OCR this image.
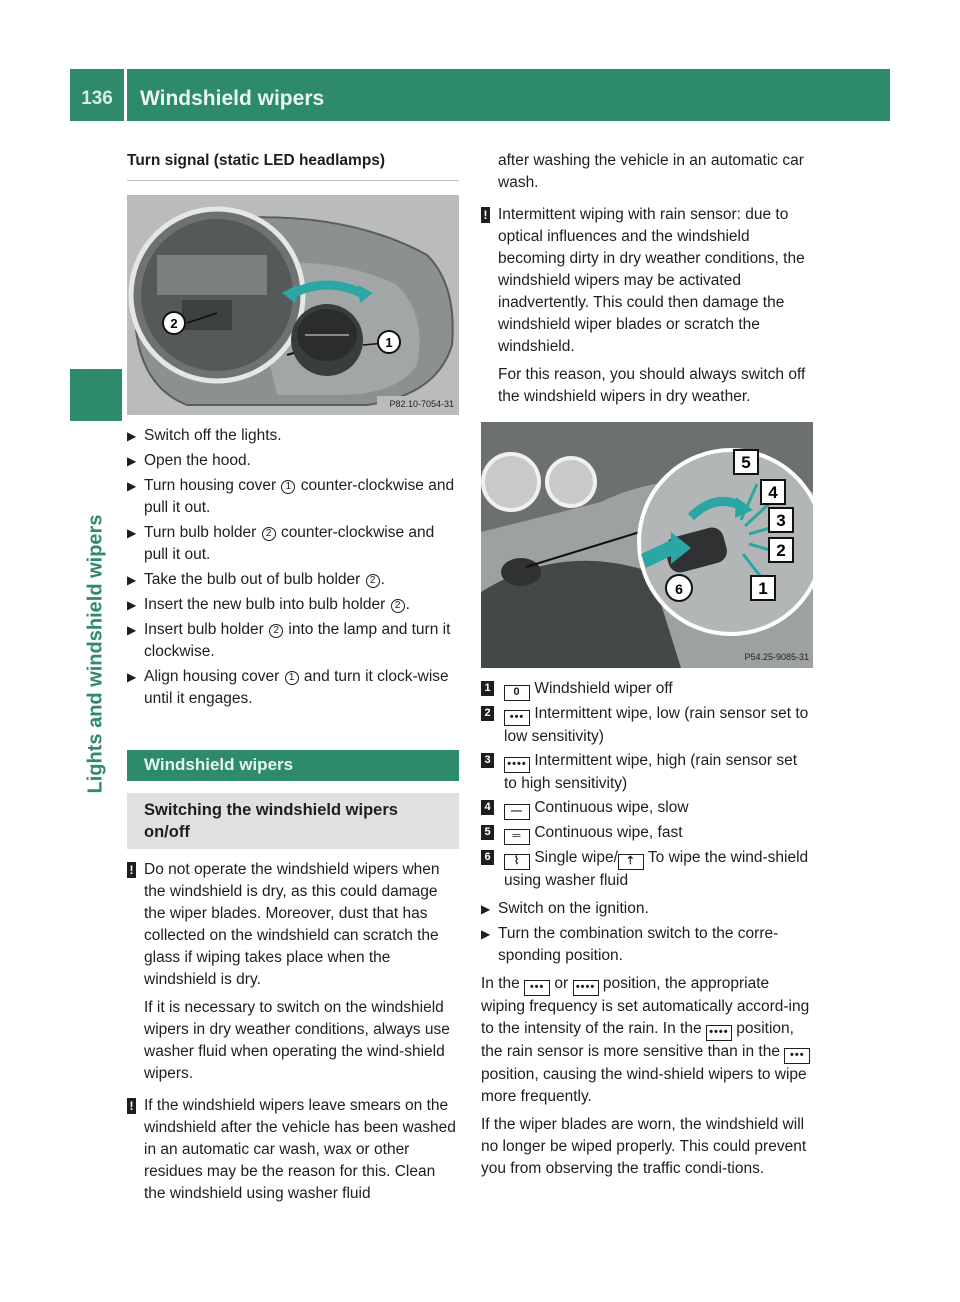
136	Windshield wipers
Lights and windshield wipers
Turn signal (static LED headlamps)
1
2
P82.10-7054-31
▶ Switch off the lights.
▶ Open the hood.
▶ Turn housing cover 1 counter-clockwise and pull it out.
▶ Turn bulb holder 2 counter-clockwise and pull it out.
▶ Take the bulb out of bulb holder 2 .
▶ Insert the new bulb into bulb holder 2 .
▶ Insert bulb holder 2 into the lamp and turn it clockwise.
▶ Align housing cover 1 and turn it clock-wise until it engages.
Windshield wipers
Switching the windshield wipers on/off
! Do not operate the windshield wipers when the windshield is dry, as this could damage the wiper blades. Moreover, dust that has collected on the windshield can scratch the glass if wiping takes place when the windshield is dry.

If it is necessary to switch on the windshield wipers in dry weather conditions, always use washer fluid when operating the wind-shield wipers.

! If the windshield wipers leave smears on the windshield after the vehicle has been washed in an automatic car wash, wax or other residues may be the reason for this. Clean the windshield using washer fluid

after washing the vehicle in an automatic car wash.

! Intermittent wiping with rain sensor: due to optical influences and the windshield becoming dirty in dry weather conditions, the windshield wipers may be activated inadvertently. This could then damage the windshield wiper blades or scratch the windshield.

For this reason, you should always switch off the windshield wipers in dry weather.

5
4
3
2
1
6
P54.25-9085-31
1	0 Windshield wiper off
2	••• Intermittent wipe, low (rain sensor set to low sensitivity)
3	•••• Intermittent wipe, high (rain sensor set to high sensitivity)
4	— Continuous wipe, slow
5	═ Continuous wipe, fast
6	⌇ Single wipe/ ⇡ To wipe the wind-shield using washer fluid
▶ Switch on the ignition.
▶ Turn the combination switch to the corre-sponding position.

In the ••• or •••• position, the appropriate wiping frequency is set automatically accord-ing to the intensity of the rain. In the •••• position, the rain sensor is more sensitive than in the ••• position, causing the wind-shield wipers to wipe more frequently.

If the wiper blades are worn, the windshield will no longer be wiped properly. This could prevent you from observing the traffic condi-tions.
